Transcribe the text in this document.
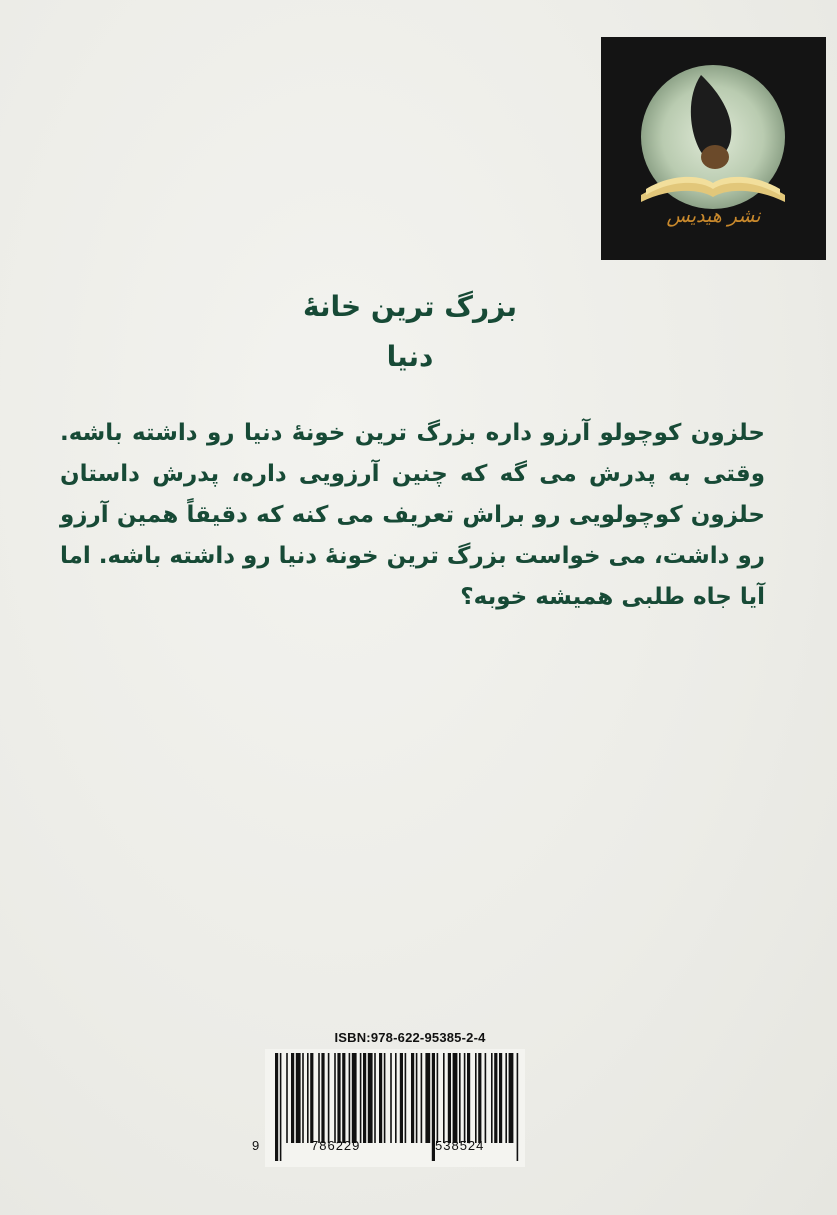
نشر هیدیس
بزرگ ترین خانهٔ
دنیا
حلزون کوچولو آرزو داره بزرگ ترین خونهٔ دنیا رو داشته باشه. وقتی به پدرش می گه که چنین آرزویی داره، پدرش داستان حلزون کوچولویی رو براش تعریف می کنه که دقیقاً همین آرزو رو داشت، می خواست بزرگ ترین خونهٔ دنیا رو داشته باشه. اما آیا جاه طلبی همیشه خوبه؟
ISBN:978-622-95385-2-4
9	786229	538524
